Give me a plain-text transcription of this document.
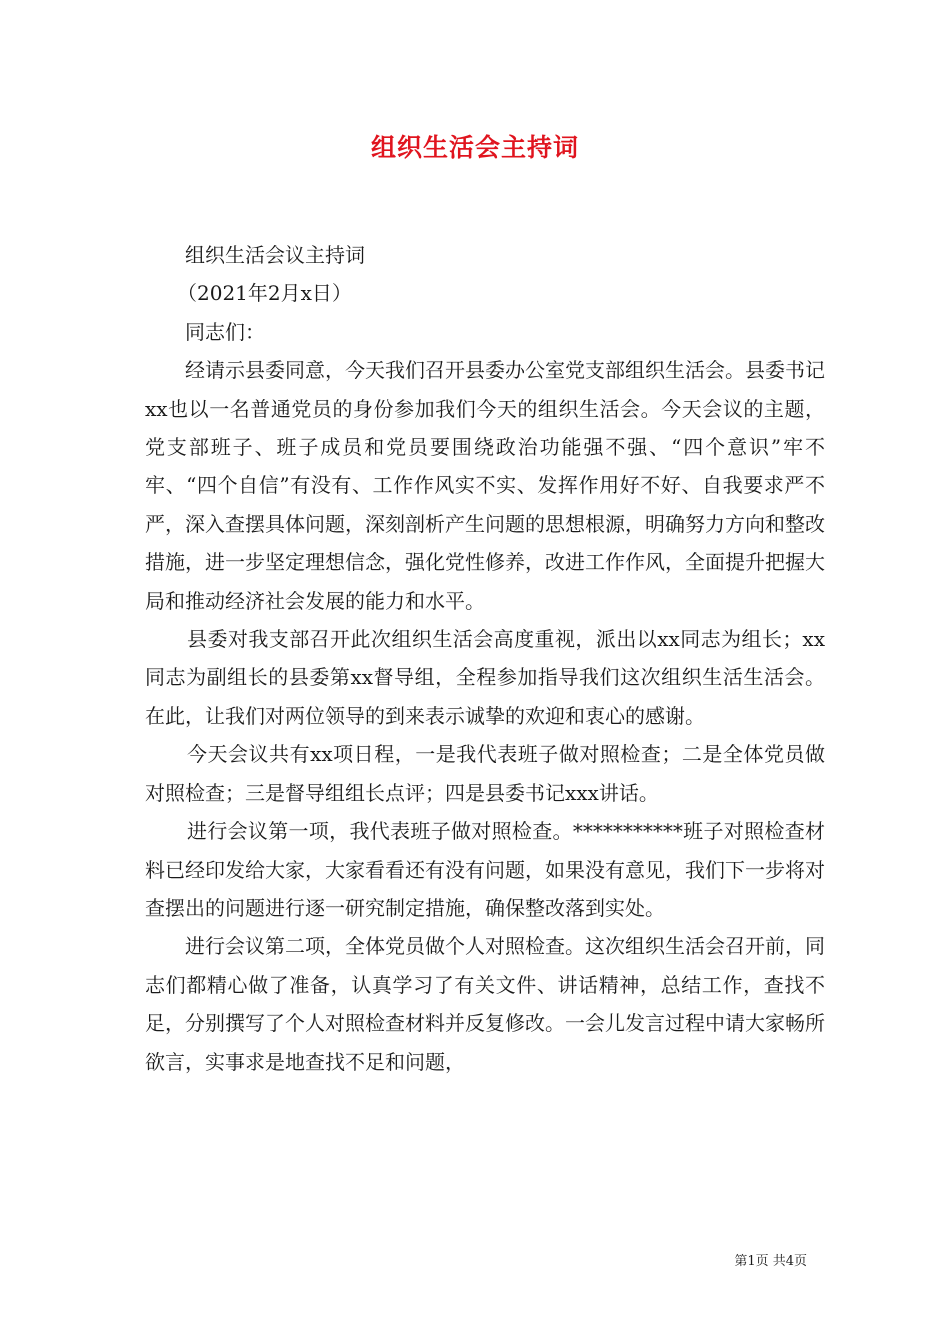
组织生活会主持词

组织生活会议主持词

（2021年2月x日）

同志们：

经请示县委同意，今天我们召开县委办公室党支部组织生活会。县委书记xx也以一名普通党员的身份参加我们今天的组织生活会。今天会议的主题，党支部班子、班子成员和党员要围绕政治功能强不强、“四个意识”牢不牢、“四个自信”有没有、工作作风实不实、发挥作用好不好、自我要求严不严，深入查摆具体问题，深刻剖析产生问题的思想根源，明确努力方向和整改措施，进一步坚定理想信念，强化党性修养，改进工作作风，全面提升把握大局和推动经济社会发展的能力和水平。

县委对我支部召开此次组织生活会高度重视，派出以xx同志为组长；xx同志为副组长的县委第xx督导组，全程参加指导我们这次组织生活生活会。在此，让我们对两位领导的到来表示诚挚的欢迎和衷心的感谢。

今天会议共有xx项日程，一是我代表班子做对照检查；二是全体党员做对照检查；三是督导组组长点评；四是县委书记xxx讲话。

进行会议第一项，我代表班子做对照检查。***********班子对照检查材料已经印发给大家，大家看看还有没有问题，如果没有意见，我们下一步将对查摆出的问题进行逐一研究制定措施，确保整改落到实处。

进行会议第二项，全体党员做个人对照检查。这次组织生活会召开前，同志们都精心做了准备，认真学习了有关文件、讲话精神，总结工作，查找不足，分别撰写了个人对照检查材料并反复修改。一会儿发言过程中请大家畅所欲言，实事求是地查找不足和问题，

第1页 共4页
